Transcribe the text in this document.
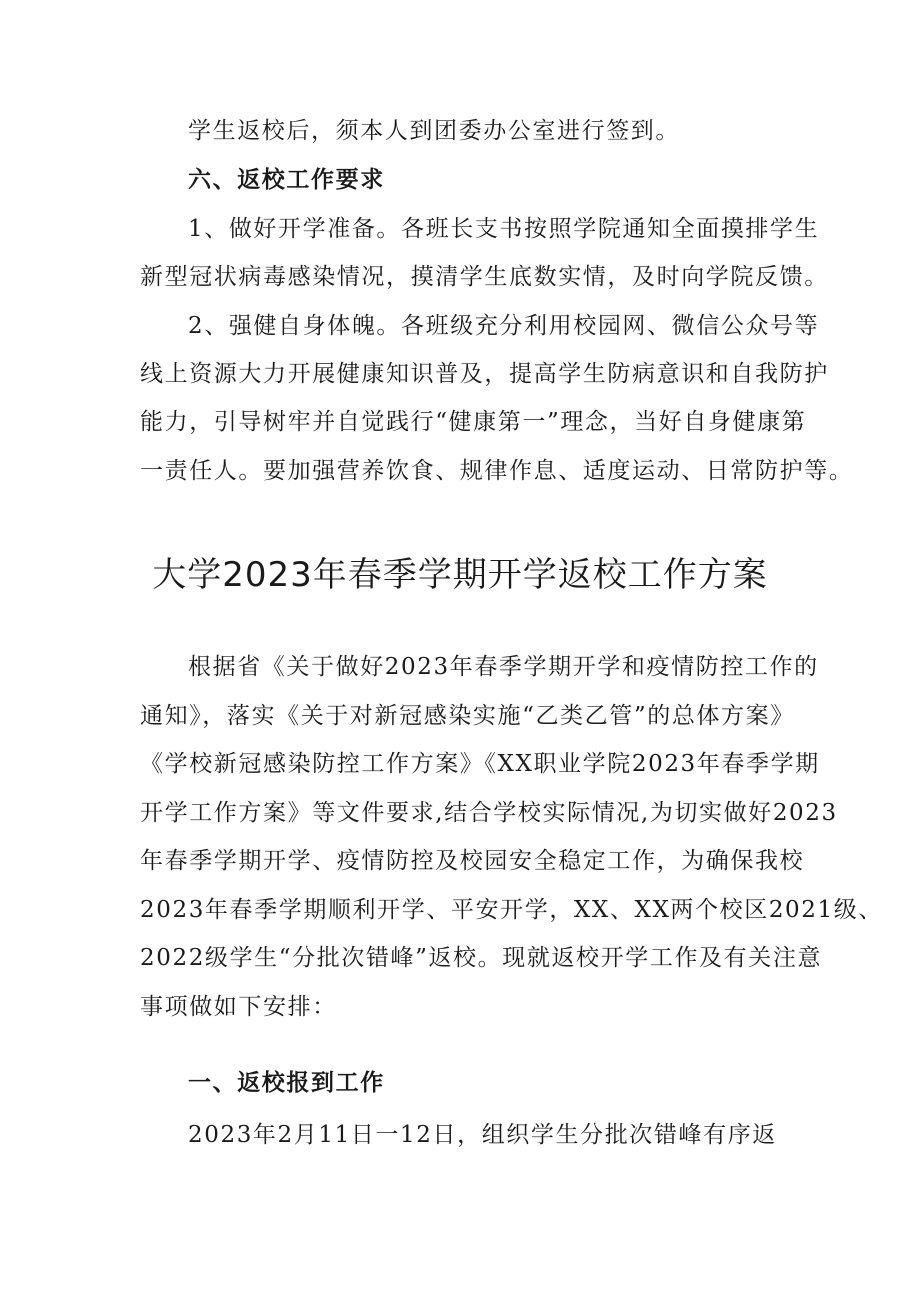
学生返校后，须本人到团委办公室进行签到。
六、返校工作要求
1、做好开学准备。各班长支书按照学院通知全面摸排学生
新型冠状病毒感染情况，摸清学生底数实情，及时向学院反馈。
2、强健自身体魄。各班级充分利用校园网、微信公众号等
线上资源大力开展健康知识普及，提高学生防病意识和自我防护
能力，引导树牢并自觉践行“健康第一”理念，当好自身健康第
一责任人。要加强营养饮食、规律作息、适度运动、日常防护等。
大学2023年春季学期开学返校工作方案
根据省《关于做好2023年春季学期开学和疫情防控工作的
通知》，落实《关于对新冠感染实施“乙类乙管”的总体方案》
《学校新冠感染防控工作方案》《XX职业学院2023年春季学期
开学工作方案》等文件要求,结合学校实际情况,为切实做好2023
年春季学期开学、疫情防控及校园安全稳定工作，为确保我校
2023年春季学期顺利开学、平安开学，XX、XX两个校区2021级、
2022级学生“分批次错峰”返校。现就返校开学工作及有关注意
事项做如下安排：
一、返校报到工作
2023年2月11日一12日，组织学生分批次错峰有序返
